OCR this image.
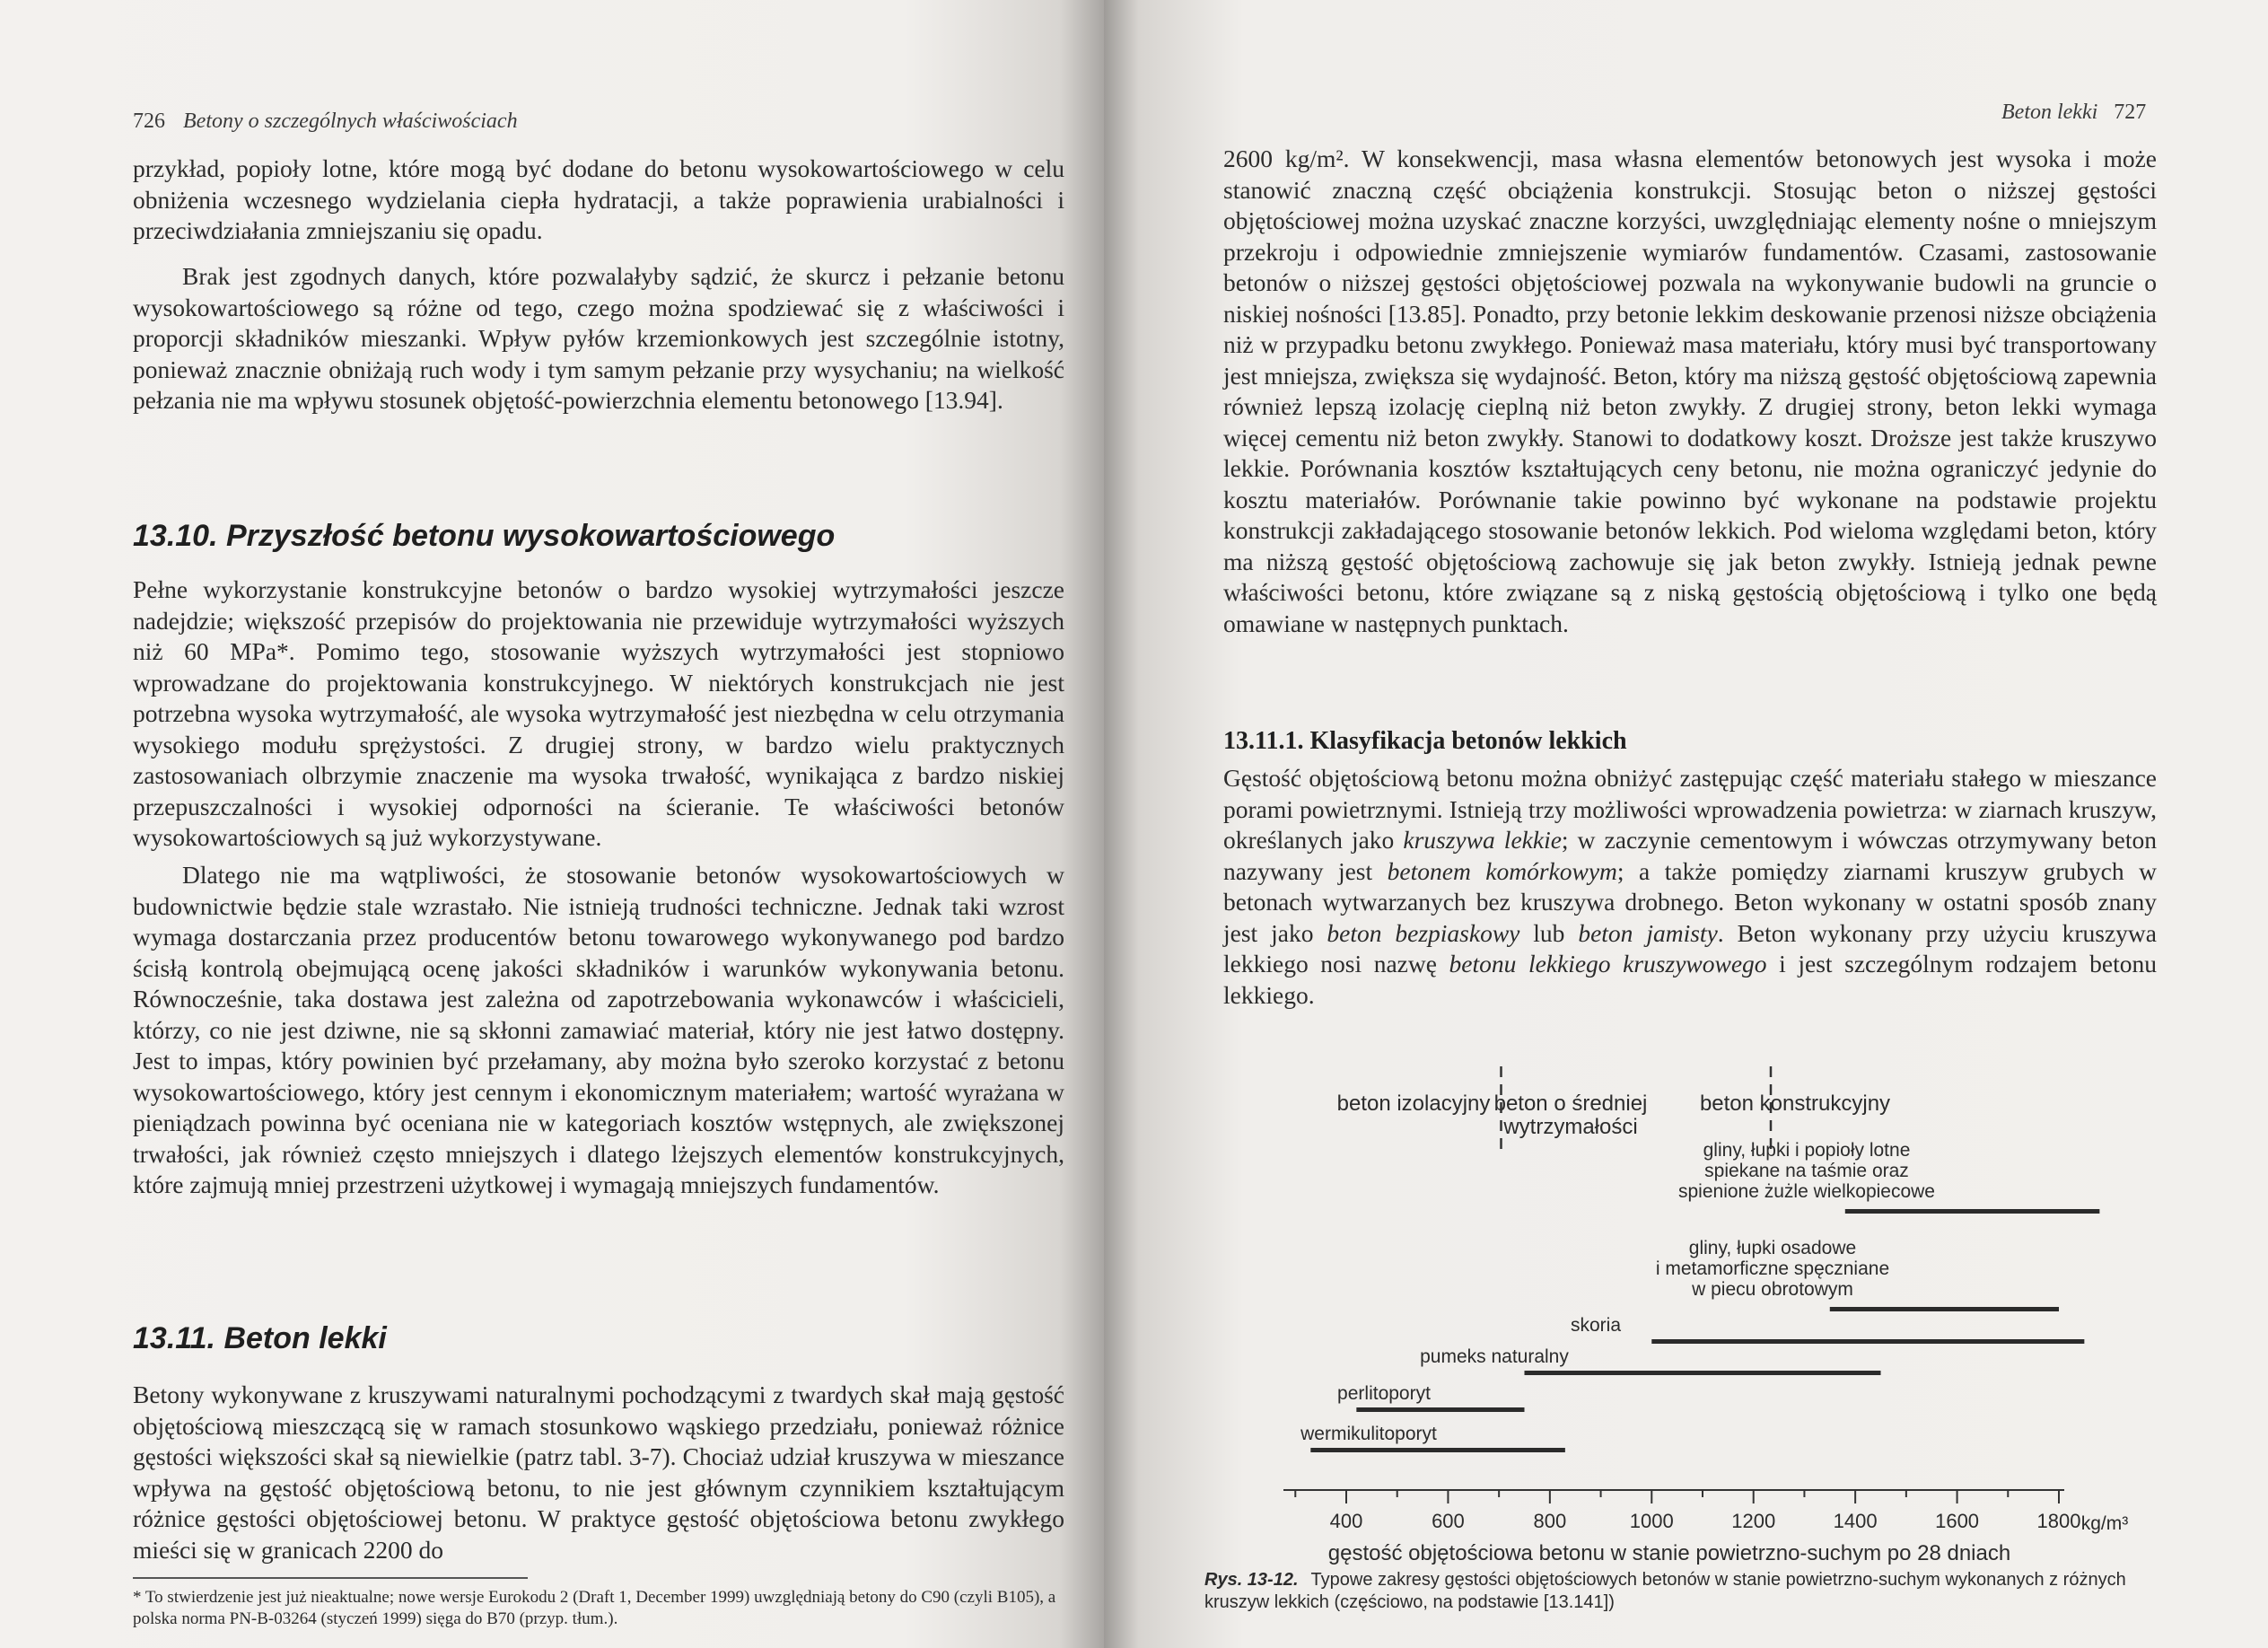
726 Betony o szczególnych właściwościach

przykład, popioły lotne, które mogą być dodane do betonu wysokowartościowego w celu obniżenia wczesnego wydzielania ciepła hydratacji, a także poprawienia urabialności i przeciwdziałania zmniejszaniu się opadu.

Brak jest zgodnych danych, które pozwalałyby sądzić, że skurcz i pełzanie betonu wysokowartościowego są różne od tego, czego można spodziewać się z właściwości i proporcji składników mieszanki. Wpływ pyłów krzemionkowych jest szczególnie istotny, ponieważ znacznie obniżają ruch wody i tym samym pełzanie przy wysychaniu; na wielkość pełzania nie ma wpływu stosunek objętość-powierzchnia elementu betonowego [13.94].

13.10. Przyszłość betonu wysokowartościowego

Pełne wykorzystanie konstrukcyjne betonów o bardzo wysokiej wytrzymałości jeszcze nadejdzie; większość przepisów do projektowania nie przewiduje wytrzymałości wyższych niż 60 MPa*. Pomimo tego, stosowanie wyższych wytrzymałości jest stopniowo wprowadzane do projektowania konstrukcyjnego. W niektórych konstrukcjach nie jest potrzebna wysoka wytrzymałość, ale wysoka wytrzymałość jest niezbędna w celu otrzymania wysokiego modułu sprężystości. Z drugiej strony, w bardzo wielu praktycznych zastosowaniach olbrzymie znaczenie ma wysoka trwałość, wynikająca z bardzo niskiej przepuszczalności i wysokiej odporności na ścieranie. Te właściwości betonów wysokowartościowych są już wykorzystywane.

Dlatego nie ma wątpliwości, że stosowanie betonów wysokowartościowych w budownictwie będzie stale wzrastało. Nie istnieją trudności techniczne. Jednak taki wzrost wymaga dostarczania przez producentów betonu towarowego wykonywanego pod bardzo ścisłą kontrolą obejmującą ocenę jakości składników i warunków wykonywania betonu. Równocześnie, taka dostawa jest zależna od zapotrzebowania wykonawców i właścicieli, którzy, co nie jest dziwne, nie są skłonni zamawiać materiał, który nie jest łatwo dostępny. Jest to impas, który powinien być przełamany, aby można było szeroko korzystać z betonu wysokowartościowego, który jest cennym i ekonomicznym materiałem; wartość wyrażana w pieniądzach powinna być oceniana nie w kategoriach kosztów wstępnych, ale zwiększonej trwałości, jak również często mniejszych i dlatego lżejszych elementów konstrukcyjnych, które zajmują mniej przestrzeni użytkowej i wymagają mniejszych fundamentów.

13.11. Beton lekki

Betony wykonywane z kruszywami naturalnymi pochodzącymi z twardych skał mają gęstość objętościową mieszczącą się w ramach stosunkowo wąskiego przedziału, ponieważ różnice gęstości większości skał są niewielkie (patrz tabl. 3-7). Chociaż udział kruszywa w mieszance wpływa na gęstość objętościową betonu, to nie jest głównym czynnikiem kształtującym różnice gęstości objętościowej betonu. W praktyce gęstość objętościowa betonu zwykłego mieści się w granicach 2200 do

* To stwierdzenie jest już nieaktualne; nowe wersje Eurokodu 2 (Draft 1, December 1999) uwzględniają betony do C90 (czyli B105), a polska norma PN-B-03264 (styczeń 1999) sięga do B70 (przyp. tłum.).

Beton lekki 727

2600 kg/m². W konsekwencji, masa własna elementów betonowych jest wysoka i może stanowić znaczną część obciążenia konstrukcji. Stosując beton o niższej gęstości objętościowej można uzyskać znaczne korzyści, uwzględniając elementy nośne o mniejszym przekroju i odpowiednie zmniejszenie wymiarów fundamentów. Czasami, zastosowanie betonów o niższej gęstości objętościowej pozwala na wykonywanie budowli na gruncie o niskiej nośności [13.85]. Ponadto, przy betonie lekkim deskowanie przenosi niższe obciążenia niż w przypadku betonu zwykłego. Ponieważ masa materiału, który musi być transportowany jest mniejsza, zwiększa się wydajność. Beton, który ma niższą gęstość objętościową zapewnia również lepszą izolację cieplną niż beton zwykły. Z drugiej strony, beton lekki wymaga więcej cementu niż beton zwykły. Stanowi to dodatkowy koszt. Droższe jest także kruszywo lekkie. Porównania kosztów kształtujących ceny betonu, nie można ograniczyć jedynie do kosztu materiałów. Porównanie takie powinno być wykonane na podstawie projektu konstrukcji zakładającego stosowanie betonów lekkich. Pod wieloma względami beton, który ma niższą gęstość objętościową zachowuje się jak beton zwykły. Istnieją jednak pewne właściwości betonu, które związane są z niską gęstością objętościową i tylko one będą omawiane w następnych punktach.

13.11.1. Klasyfikacja betonów lekkich

Gęstość objętościową betonu można obniżyć zastępując część materiału stałego w mieszance porami powietrznymi. Istnieją trzy możliwości wprowadzenia powietrza: w ziarnach kruszyw, określanych jako kruszywa lekkie; w zaczynie cementowym i wówczas otrzymywany beton nazywany jest betonem komórkowym; a także pomiędzy ziarnami kruszyw grubych w betonach wytwarzanych bez kruszywa drobnego. Beton wykonany w ostatni sposób znany jest jako beton bezpiaskowy lub beton jamisty. Beton wykonany przy użyciu kruszywa lekkiego nosi nazwę betonu lekkiego kruszywowego i jest szczególnym rodzajem betonu lekkiego.

Rys. 13-12. Typowe zakresy gęstości objętościowych betonów w stanie powietrzno-suchym wykonanych z różnych kruszyw lekkich (częściowo, na podstawie [13.141])
beton izolacyjny beton o średniej
wytrzymałości
beton konstrukcyjny
gliny, łupki i popioły lotne
spiekane na taśmie oraz
spienione żużle wielkopiecowe
gliny, łupki osadowe
i metamorficzne spęczniane
w piecu obrotowym
skoria
pumeks naturalny
perlitoporyt
wermikulitoporyt
400	600	800	1000	1200	1400	1600	1800 kg/m³
gęstość objętościowa betonu w stanie powietrzno-suchym po 28 dniach
